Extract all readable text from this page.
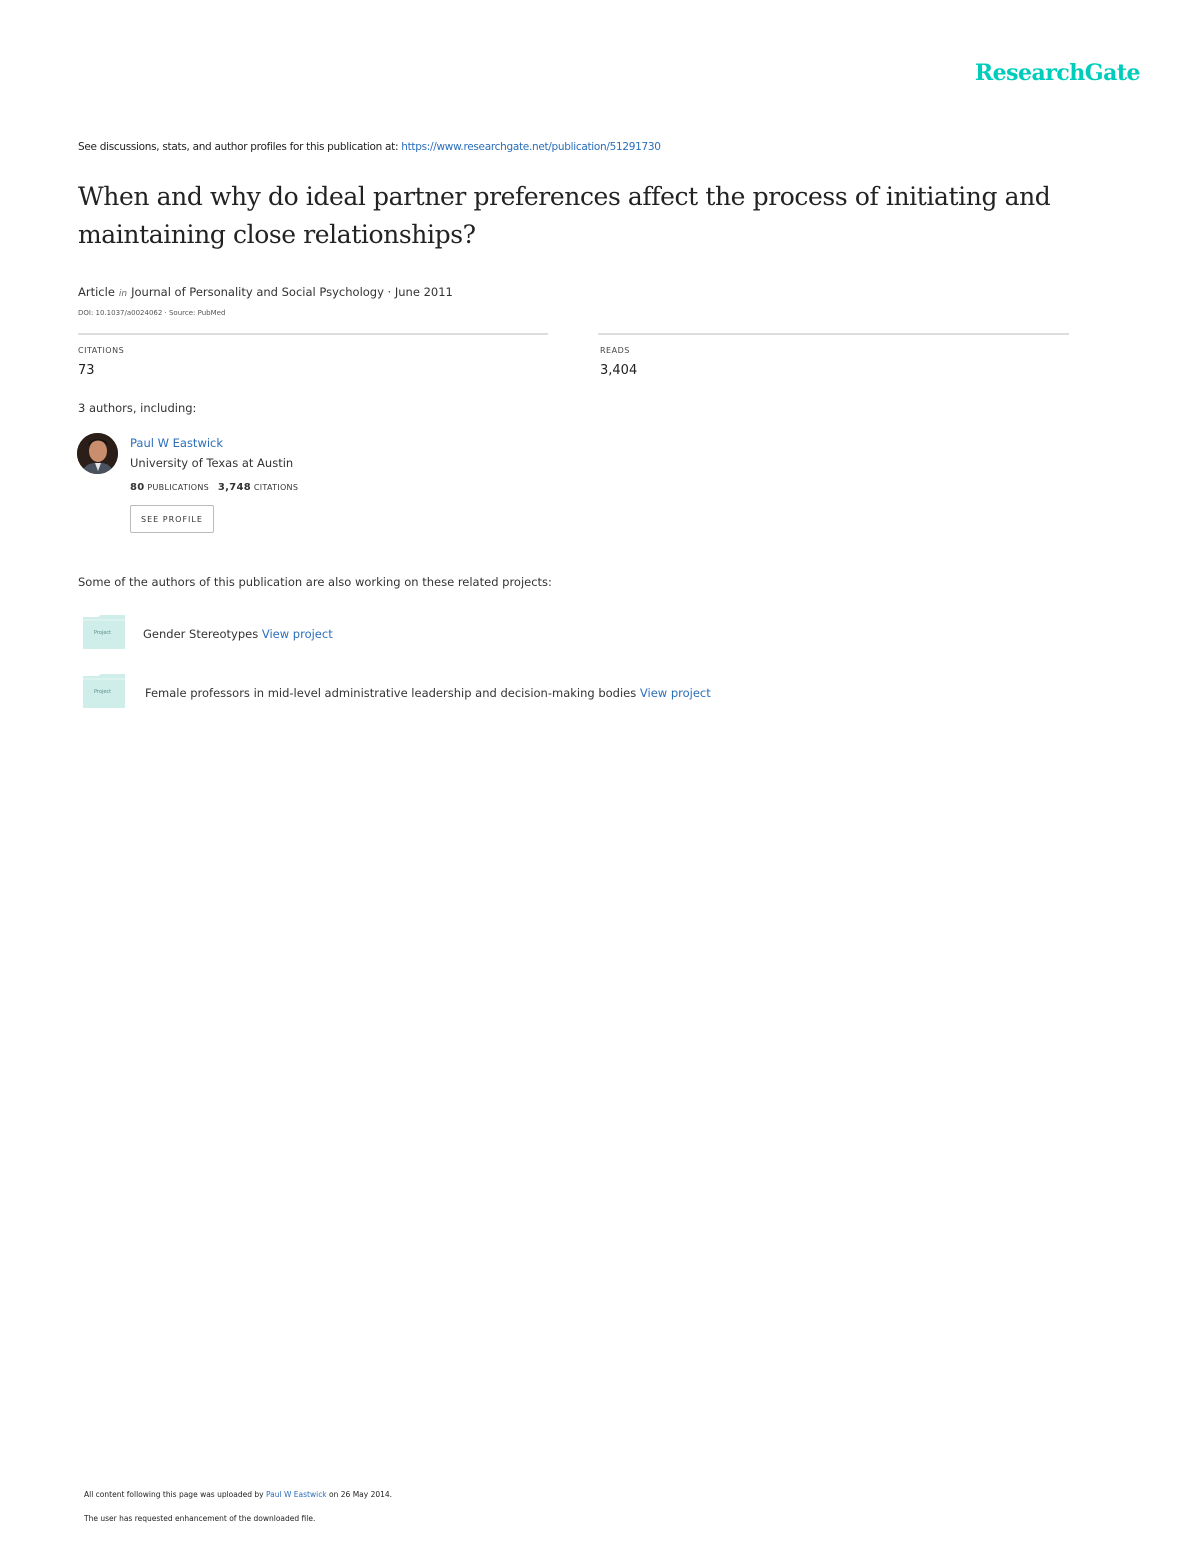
ResearchGate
See discussions, stats, and author profiles for this publication at: https://www.researchgate.net/publication/51291730
When and why do ideal partner preferences affect the process of initiating and maintaining close relationships?
Article in Journal of Personality and Social Psychology · June 2011
DOI: 10.1037/a0024062 · Source: PubMed
CITATIONS
73
READS
3,404
3 authors, including:
Paul W Eastwick
University of Texas at Austin
80 PUBLICATIONS 3,748 CITATIONS
SEE PROFILE
Some of the authors of this publication are also working on these related projects:
Project	Gender Stereotypes View project
Project	Female professors in mid-level administrative leadership and decision-making bodies View project
All content following this page was uploaded by Paul W Eastwick on 26 May 2014.
The user has requested enhancement of the downloaded file.
